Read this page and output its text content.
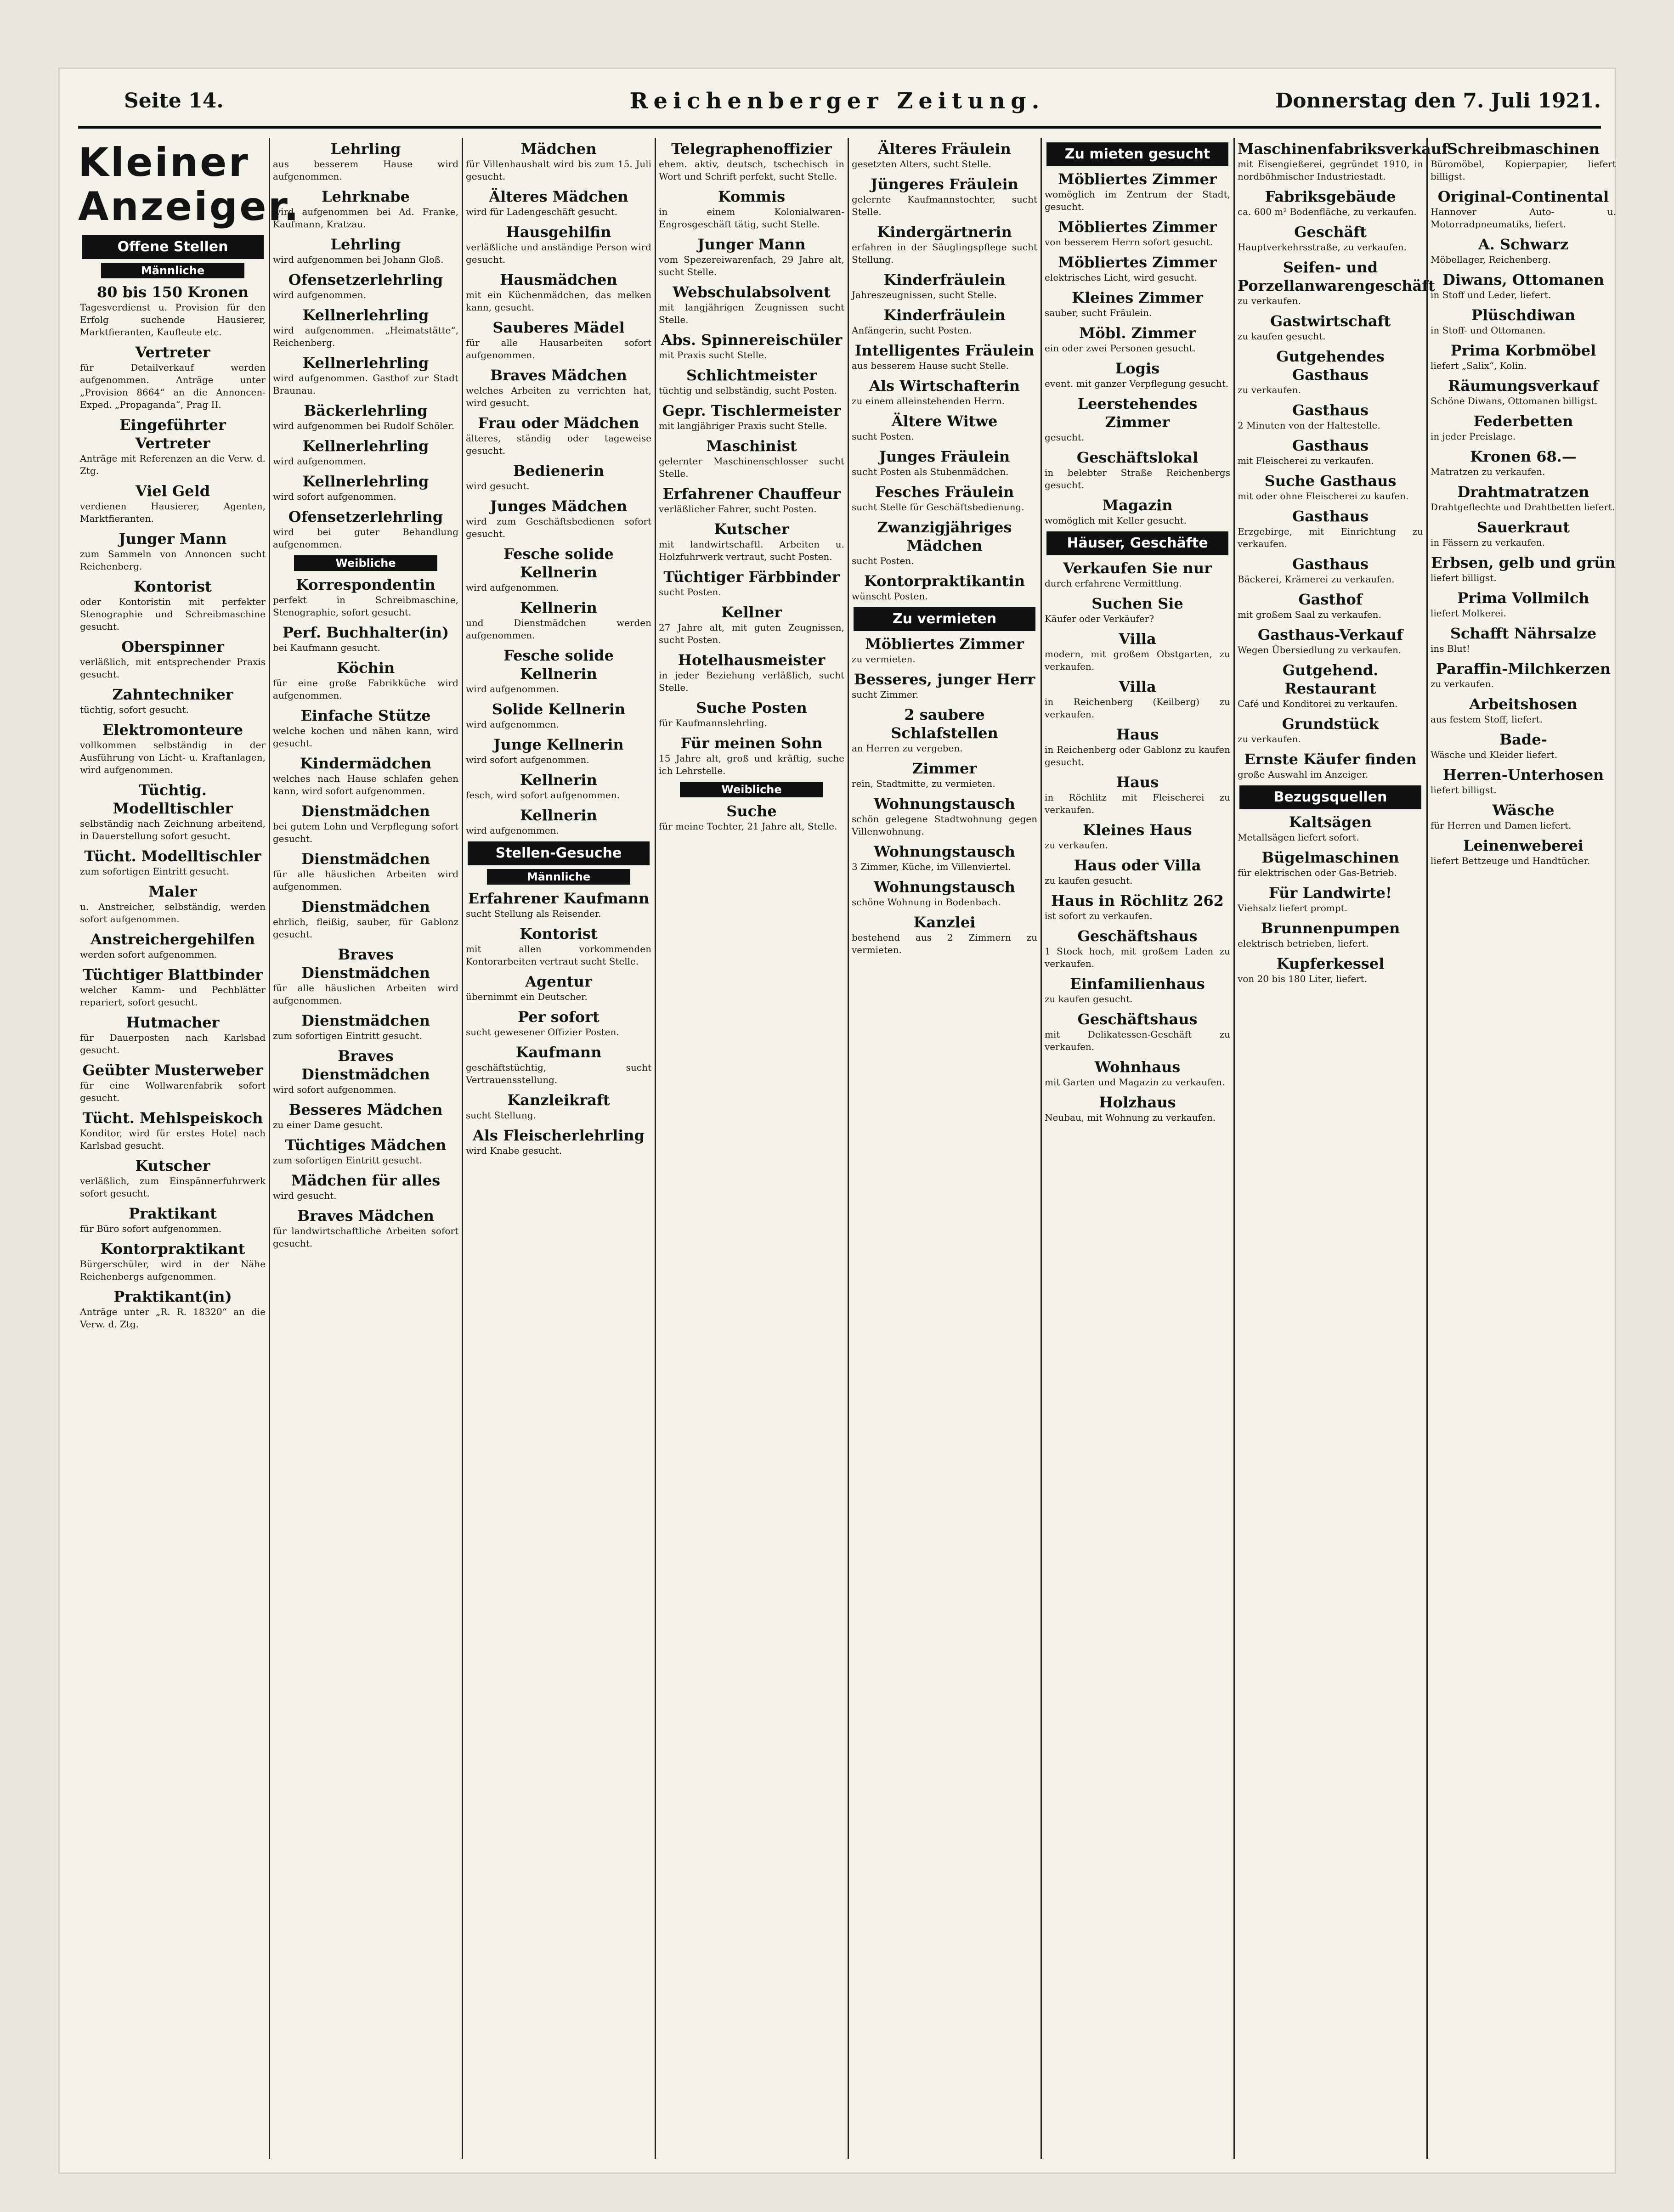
Seite 14.	Reichenberger Zeitung.	Donnerstag den 7. Juli 1921.
Kleiner Anzeiger.
Offene Stellen
Männliche
80 bis 150 Kronen
Tagesverdienst u. Provision für den Erfolg suchende Hausierer, Marktfieranten, Kaufleute etc.
Vertreter
für Detailverkauf werden aufgenommen. Anträge unter „Provision 8664“ an die Annoncen-Exped. „Propaganda“, Prag II.
Eingeführter Vertreter
Anträge mit Referenzen an die Verw. d. Ztg.
Viel Geld
verdienen Hausierer, Agenten, Marktfieranten.
Junger Mann
zum Sammeln von Annoncen sucht Reichenberg.
Kontorist
oder Kontoristin mit perfekter Stenographie und Schreibmaschine gesucht.
Oberspinner
verläßlich, mit entsprechender Praxis gesucht.
Zahntechniker
tüchtig, sofort gesucht.
Elektromonteure
vollkommen selbständig in der Ausführung von Licht- u. Kraftanlagen, wird aufgenommen.
Tüchtig. Modelltischler
selbständig nach Zeichnung arbeitend, in Dauerstellung sofort gesucht.
Tücht. Modelltischler
zum sofortigen Eintritt gesucht.
Maler
u. Anstreicher, selbständig, werden sofort aufgenommen.
Anstreichergehilfen
werden sofort aufgenommen.
Tüchtiger Blattbinder
welcher Kamm- und Pechblätter repariert, sofort gesucht.
Hutmacher
für Dauerposten nach Karlsbad gesucht.
Geübter Musterweber
für eine Wollwarenfabrik sofort gesucht.
Tücht. Mehlspeiskoch
Konditor, wird für erstes Hotel nach Karlsbad gesucht.
Kutscher
verläßlich, zum Einspännerfuhrwerk sofort gesucht.
Praktikant
für Büro sofort aufgenommen.
Kontorpraktikant
Bürgerschüler, wird in der Nähe Reichenbergs aufgenommen.
Praktikant(in)
Anträge unter „R. R. 18320“ an die Verw. d. Ztg.
Lehrling
aus besserem Hause wird aufgenommen.
Lehrknabe
wird aufgenommen bei Ad. Franke, Kaufmann, Kratzau.
Lehrling
wird aufgenommen bei Johann Gloß.
Ofensetzerlehrling
wird aufgenommen.
Kellnerlehrling
wird aufgenommen. „Heimatstätte“, Reichenberg.
Kellnerlehrling
wird aufgenommen. Gasthof zur Stadt Braunau.
Bäckerlehrling
wird aufgenommen bei Rudolf Schöler.
Kellnerlehrling
wird aufgenommen.
Kellnerlehrling
wird sofort aufgenommen.
Ofensetzerlehrling
wird bei guter Behandlung aufgenommen.
Weibliche
Korrespondentin
perfekt in Schreibmaschine, Stenographie, sofort gesucht.
Perf. Buchhalter(in)
bei Kaufmann gesucht.
Köchin
für eine große Fabrikküche wird aufgenommen.
Einfache Stütze
welche kochen und nähen kann, wird gesucht.
Kindermädchen
welches nach Hause schlafen gehen kann, wird sofort aufgenommen.
Dienstmädchen
bei gutem Lohn und Verpflegung sofort gesucht.
Dienstmädchen
für alle häuslichen Arbeiten wird aufgenommen.
Dienstmädchen
ehrlich, fleißig, sauber, für Gablonz gesucht.
Braves Dienstmädchen
für alle häuslichen Arbeiten wird aufgenommen.
Dienstmädchen
zum sofortigen Eintritt gesucht.
Braves Dienstmädchen
wird sofort aufgenommen.
Besseres Mädchen
zu einer Dame gesucht.
Tüchtiges Mädchen
zum sofortigen Eintritt gesucht.
Mädchen für alles
wird gesucht.
Braves Mädchen
für landwirtschaftliche Arbeiten sofort gesucht.
Mädchen
für Villenhaushalt wird bis zum 15. Juli gesucht.
Älteres Mädchen
wird für Ladengeschäft gesucht.
Hausgehilfin
verläßliche und anständige Person wird gesucht.
Hausmädchen
mit ein Küchenmädchen, das melken kann, gesucht.
Sauberes Mädel
für alle Hausarbeiten sofort aufgenommen.
Braves Mädchen
welches Arbeiten zu verrichten hat, wird gesucht.
Frau oder Mädchen
älteres, ständig oder tageweise gesucht.
Bedienerin
wird gesucht.
Junges Mädchen
wird zum Geschäftsbedienen sofort gesucht.
Fesche solide Kellnerin
wird aufgenommen.
Kellnerin
und Dienstmädchen werden aufgenommen.
Fesche solide Kellnerin
wird aufgenommen.
Solide Kellnerin
wird aufgenommen.
Junge Kellnerin
wird sofort aufgenommen.
Kellnerin
fesch, wird sofort aufgenommen.
Kellnerin
wird aufgenommen.
Stellen-Gesuche
Männliche
Erfahrener Kaufmann
sucht Stellung als Reisender.
Kontorist
mit allen vorkommenden Kontorarbeiten vertraut sucht Stelle.
Agentur
übernimmt ein Deutscher.
Per sofort
sucht gewesener Offizier Posten.
Kaufmann
geschäftstüchtig, sucht Vertrauensstellung.
Kanzleikraft
sucht Stellung.
Als Fleischerlehrling
wird Knabe gesucht.
Telegraphenoffizier
ehem. aktiv, deutsch, tschechisch in Wort und Schrift perfekt, sucht Stelle.
Kommis
in einem Kolonialwaren-Engrosgeschäft tätig, sucht Stelle.
Junger Mann
vom Spezereiwarenfach, 29 Jahre alt, sucht Stelle.
Webschulabsolvent
mit langjährigen Zeugnissen sucht Stelle.
Abs. Spinnereischüler
mit Praxis sucht Stelle.
Schlichtmeister
tüchtig und selbständig, sucht Posten.
Gepr. Tischlermeister
mit langjähriger Praxis sucht Stelle.
Maschinist
gelernter Maschinenschlosser sucht Stelle.
Erfahrener Chauffeur
verläßlicher Fahrer, sucht Posten.
Kutscher
mit landwirtschaftl. Arbeiten u. Holzfuhrwerk vertraut, sucht Posten.
Tüchtiger Färbbinder
sucht Posten.
Kellner
27 Jahre alt, mit guten Zeugnissen, sucht Posten.
Hotelhausmeister
in jeder Beziehung verläßlich, sucht Stelle.
Suche Posten
für Kaufmannslehrling.
Für meinen Sohn
15 Jahre alt, groß und kräftig, suche ich Lehrstelle.
Weibliche
Suche
für meine Tochter, 21 Jahre alt, Stelle.
Älteres Fräulein
gesetzten Alters, sucht Stelle.
Jüngeres Fräulein
gelernte Kaufmannstochter, sucht Stelle.
Kindergärtnerin
erfahren in der Säuglingspflege sucht Stellung.
Kinderfräulein
Jahreszeugnissen, sucht Stelle.
Kinderfräulein
Anfängerin, sucht Posten.
Intelligentes Fräulein
aus besserem Hause sucht Stelle.
Als Wirtschafterin
zu einem alleinstehenden Herrn.
Ältere Witwe
sucht Posten.
Junges Fräulein
sucht Posten als Stubenmädchen.
Fesches Fräulein
sucht Stelle für Geschäftsbedienung.
Zwanzigjähriges Mädchen
sucht Posten.
Kontorpraktikantin
wünscht Posten.
Zu vermieten
Möbliertes Zimmer
zu vermieten.
Besseres, junger Herr
sucht Zimmer.
2 saubere Schlafstellen
an Herren zu vergeben.
Zimmer
rein, Stadtmitte, zu vermieten.
Wohnungstausch
schön gelegene Stadtwohnung gegen Villenwohnung.
Wohnungstausch
3 Zimmer, Küche, im Villenviertel.
Wohnungstausch
schöne Wohnung in Bodenbach.
Kanzlei
bestehend aus 2 Zimmern zu vermieten.
Zu mieten gesucht
Möbliertes Zimmer
womöglich im Zentrum der Stadt, gesucht.
Möbliertes Zimmer
von besserem Herrn sofort gesucht.
Möbliertes Zimmer
elektrisches Licht, wird gesucht.
Kleines Zimmer
sauber, sucht Fräulein.
Möbl. Zimmer
ein oder zwei Personen gesucht.
Logis
event. mit ganzer Verpflegung gesucht.
Leerstehendes Zimmer
gesucht.
Geschäftslokal
in belebter Straße Reichenbergs gesucht.
Magazin
womöglich mit Keller gesucht.
Häuser, Geschäfte
Verkaufen Sie nur
durch erfahrene Vermittlung.
Suchen Sie
Käufer oder Verkäufer?
Villa
modern, mit großem Obstgarten, zu verkaufen.
Villa
in Reichenberg (Keilberg) zu verkaufen.
Haus
in Reichenberg oder Gablonz zu kaufen gesucht.
Haus
in Röchlitz mit Fleischerei zu verkaufen.
Kleines Haus
zu verkaufen.
Haus oder Villa
zu kaufen gesucht.
Haus in Röchlitz 262
ist sofort zu verkaufen.
Geschäftshaus
1 Stock hoch, mit großem Laden zu verkaufen.
Einfamilienhaus
zu kaufen gesucht.
Geschäftshaus
mit Delikatessen-Geschäft zu verkaufen.
Wohnhaus
mit Garten und Magazin zu verkaufen.
Holzhaus
Neubau, mit Wohnung zu verkaufen.
Maschinenfabriksverkauf
mit Eisengießerei, gegründet 1910, in nordböhmischer Industriestadt.
Fabriksgebäude
ca. 600 m² Bodenfläche, zu verkaufen.
Geschäft
Hauptverkehrsstraße, zu verkaufen.
Seifen- und Porzellanwarengeschäft
zu verkaufen.
Gastwirtschaft
zu kaufen gesucht.
Gutgehendes Gasthaus
zu verkaufen.
Gasthaus
2 Minuten von der Haltestelle.
Gasthaus
mit Fleischerei zu verkaufen.
Suche Gasthaus
mit oder ohne Fleischerei zu kaufen.
Gasthaus
Erzgebirge, mit Einrichtung zu verkaufen.
Gasthaus
Bäckerei, Krämerei zu verkaufen.
Gasthof
mit großem Saal zu verkaufen.
Gasthaus-Verkauf
Wegen Übersiedlung zu verkaufen.
Gutgehend. Restaurant
Café und Konditorei zu verkaufen.
Grundstück
zu verkaufen.
Ernste Käufer finden
große Auswahl im Anzeiger.
Bezugsquellen
Kaltsägen
Metallsägen liefert sofort.
Bügelmaschinen
für elektrischen oder Gas-Betrieb.
Für Landwirte!
Viehsalz liefert prompt.
Brunnenpumpen
elektrisch betrieben, liefert.
Kupferkessel
von 20 bis 180 Liter, liefert.
Schreibmaschinen
Büromöbel, Kopierpapier, liefert billigst.
Original-Continental
Hannover Auto- u. Motorradpneumatiks, liefert.
A. Schwarz
Möbellager, Reichenberg.
Diwans, Ottomanen
in Stoff und Leder, liefert.
Plüschdiwan
in Stoff- und Ottomanen.
Prima Korbmöbel
liefert „Salix“, Kolin.
Räumungsverkauf
Schöne Diwans, Ottomanen billigst.
Federbetten
in jeder Preislage.
Kronen 68.—
Matratzen zu verkaufen.
Drahtmatratzen
Drahtgeflechte und Drahtbetten liefert.
Sauerkraut
in Fässern zu verkaufen.
Erbsen, gelb und grün
liefert billigst.
Prima Vollmilch
liefert Molkerei.
Schafft Nährsalze
ins Blut!
Paraffin-Milchkerzen
zu verkaufen.
Arbeitshosen
aus festem Stoff, liefert.
Bade-
Wäsche und Kleider liefert.
Herren-Unterhosen
liefert billigst.
Wäsche
für Herren und Damen liefert.
Leinenweberei
liefert Bettzeuge und Handtücher.
